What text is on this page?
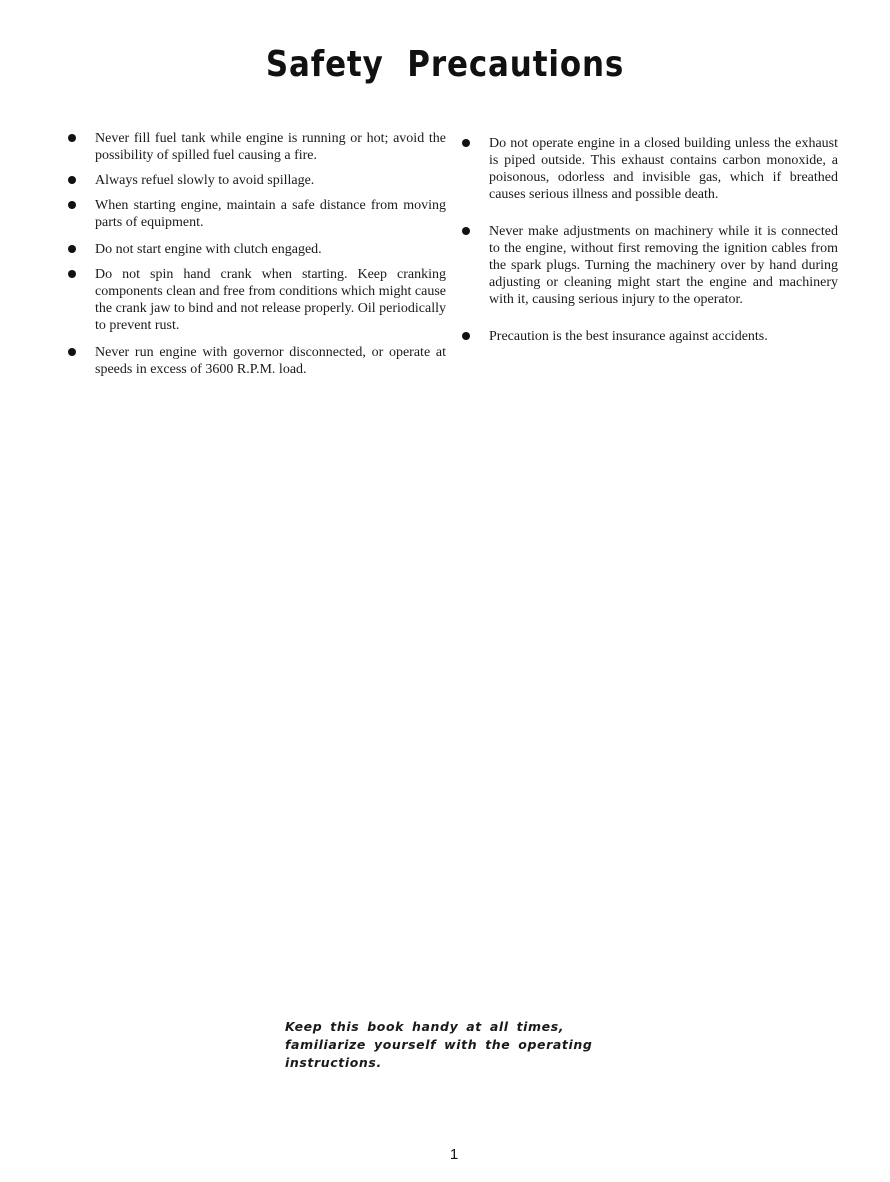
Safety Precautions
Never fill fuel tank while engine is running or hot; avoid the possibility of spilled fuel causing a fire.
Always refuel slowly to avoid spillage.
When starting engine, maintain a safe distance from moving parts of equipment.
Do not start engine with clutch engaged.
Do not spin hand crank when starting. Keep cranking components clean and free from conditions which might cause the crank jaw to bind and not release properly. Oil periodically to prevent rust.
Never run engine with governor disconnected, or operate at speeds in excess of 3600 R.P.M. load.
Do not operate engine in a closed building unless the exhaust is piped outside. This exhaust contains carbon monoxide, a poisonous, odorless and invisible gas, which if breathed causes serious illness and possible death.
Never make adjustments on machinery while it is connected to the engine, without first removing the ignition cables from the spark plugs. Turning the machinery over by hand during adjusting or cleaning might start the engine and machinery with it, causing serious injury to the operator.
Precaution is the best insurance against accidents.
Keep this book handy at all times, familiarize yourself with the operating instructions.
1
